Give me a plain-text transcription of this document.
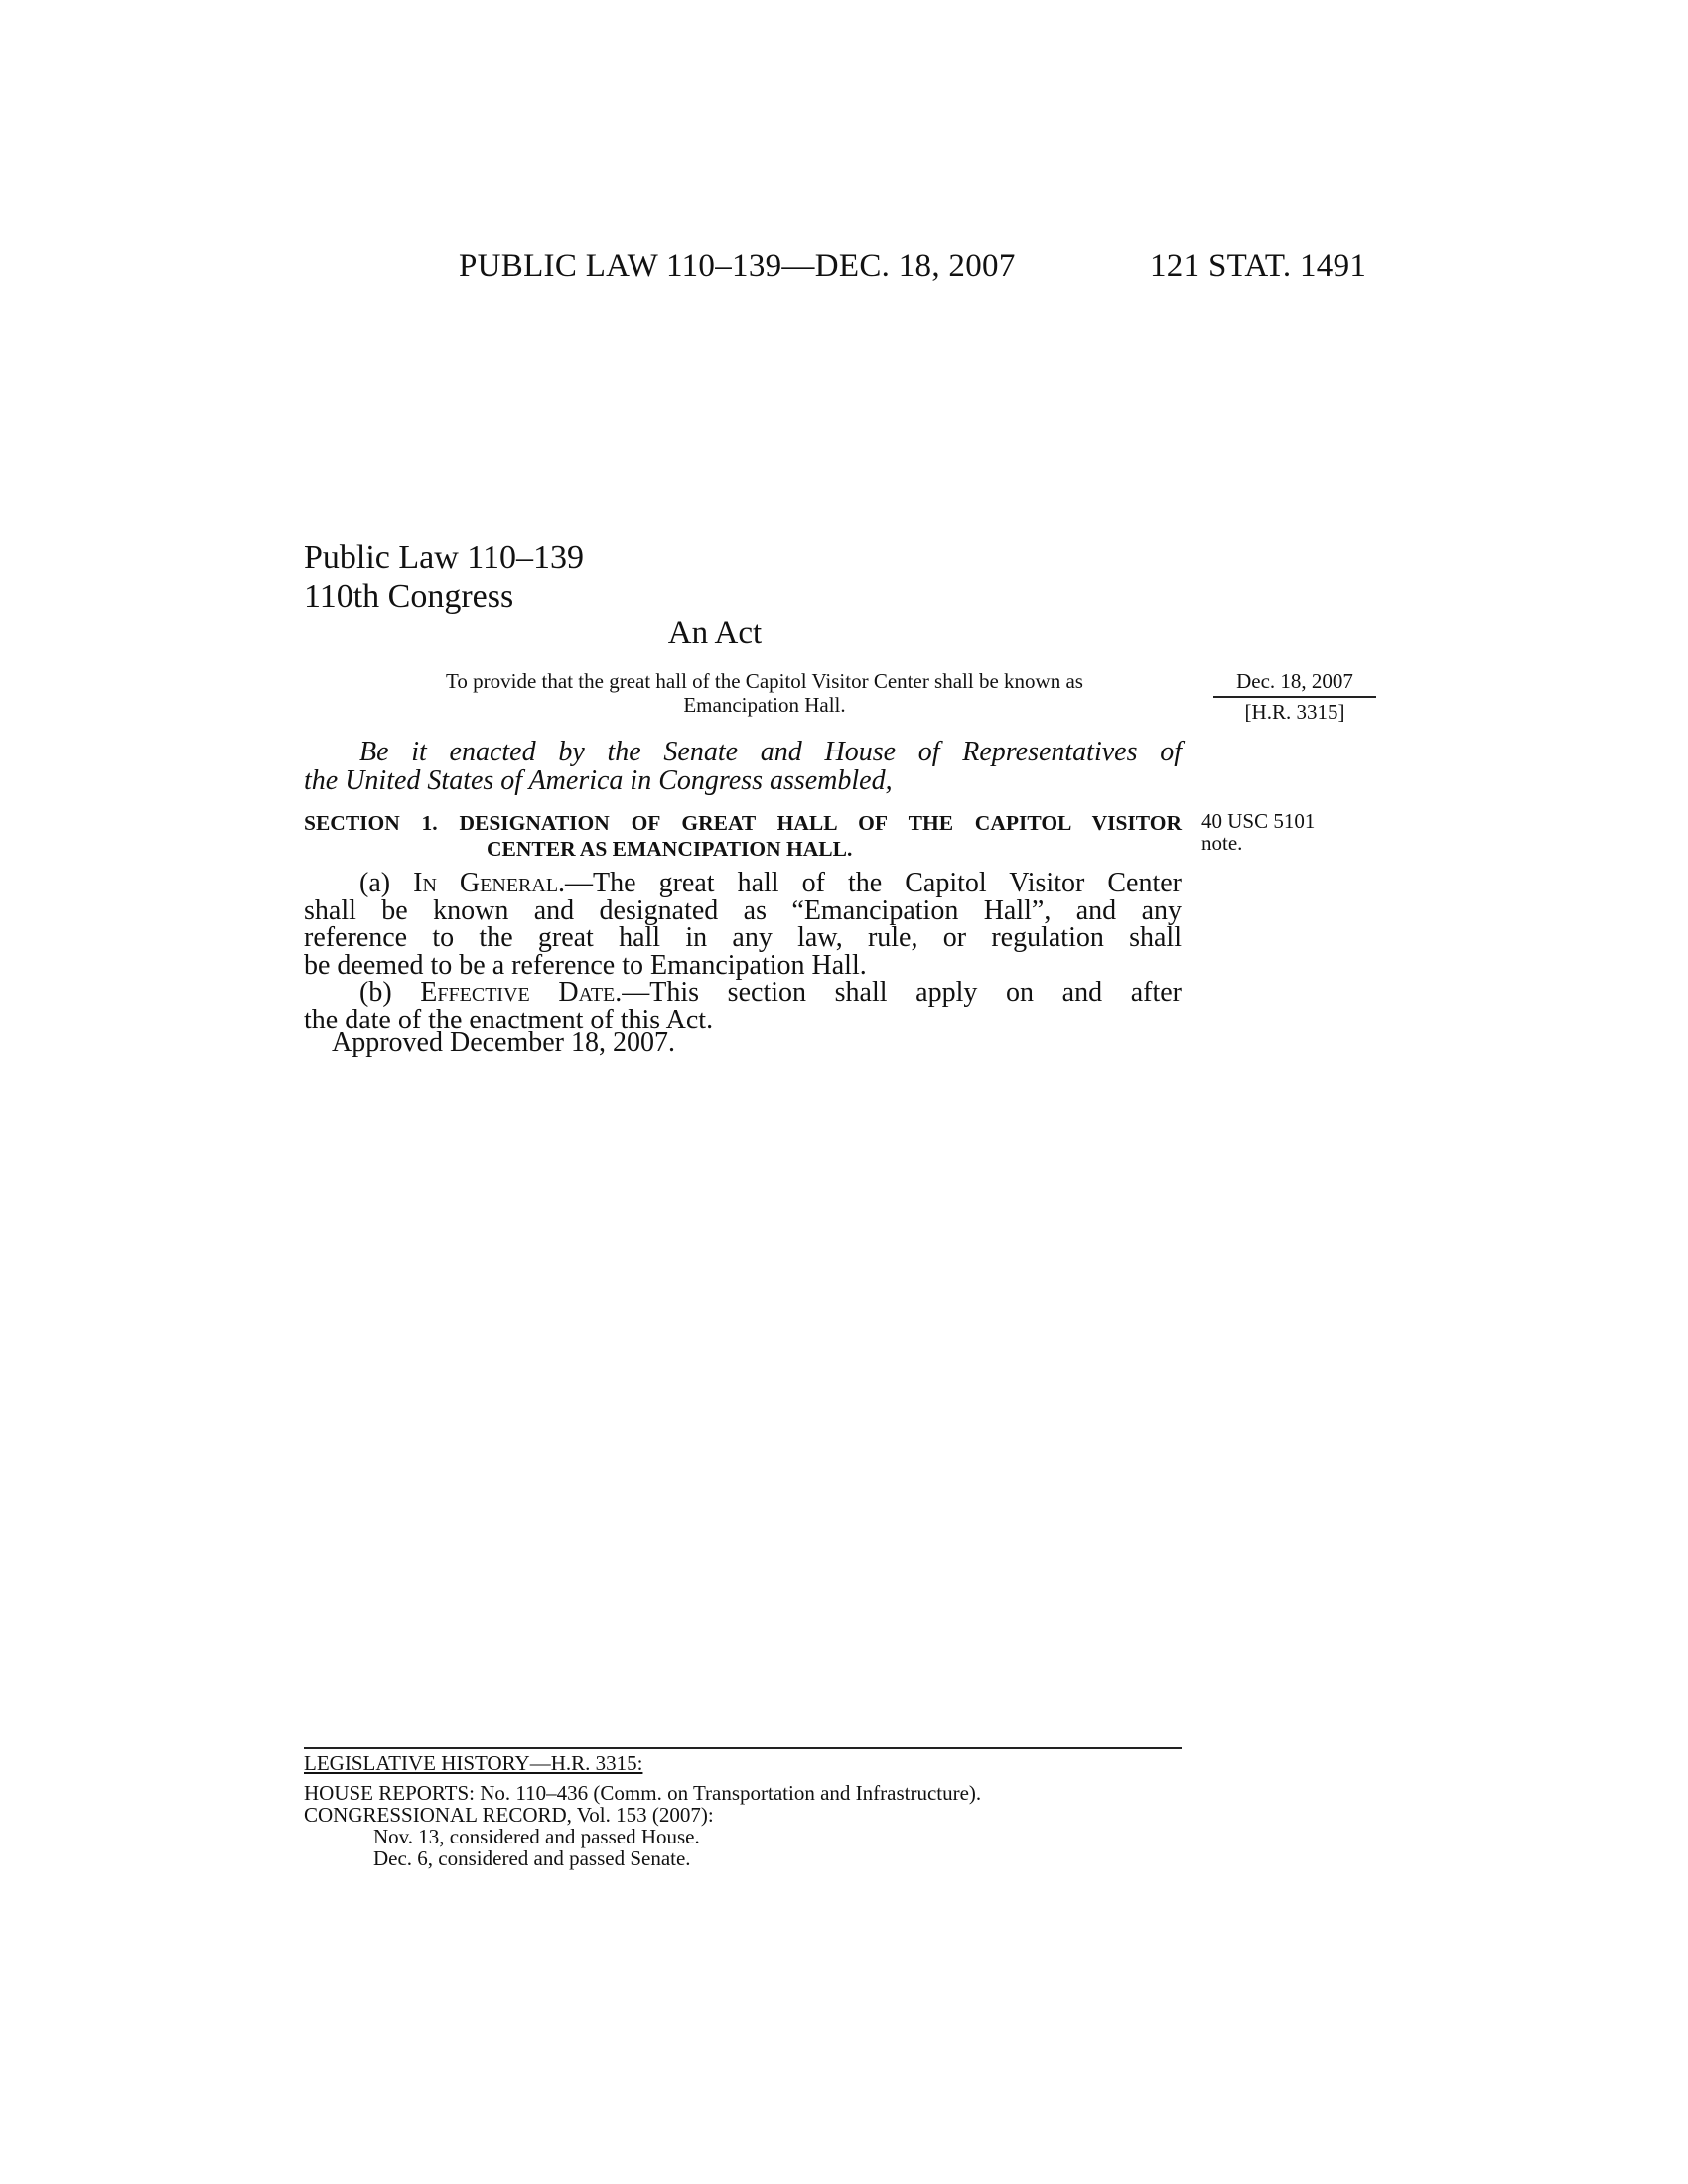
PUBLIC LAW 110–139—DEC. 18, 2007	121 STAT. 1491
Public Law 110–139
110th Congress
An Act
To provide that the great hall of the Capitol Visitor Center shall be known as
Emancipation Hall.
Dec. 18, 2007
[H.R. 3315]
40 USC 5101
note.
Be it enacted by the Senate and House of Representatives of
the United States of America in Congress assembled,
SECTION 1. DESIGNATION OF GREAT HALL OF THE CAPITOL VISITOR
CENTER AS EMANCIPATION HALL.
(a) In General.—The great hall of the Capitol Visitor Center
shall be known and designated as “Emancipation Hall”, and any
reference to the great hall in any law, rule, or regulation shall
be deemed to be a reference to Emancipation Hall.
(b) Effective Date.—This section shall apply on and after
the date of the enactment of this Act.
Approved December 18, 2007.
LEGISLATIVE HISTORY—H.R. 3315:
HOUSE REPORTS: No. 110–436 (Comm. on Transportation and Infrastructure).
CONGRESSIONAL RECORD, Vol. 153 (2007):
Nov. 13, considered and passed House.
Dec. 6, considered and passed Senate.
